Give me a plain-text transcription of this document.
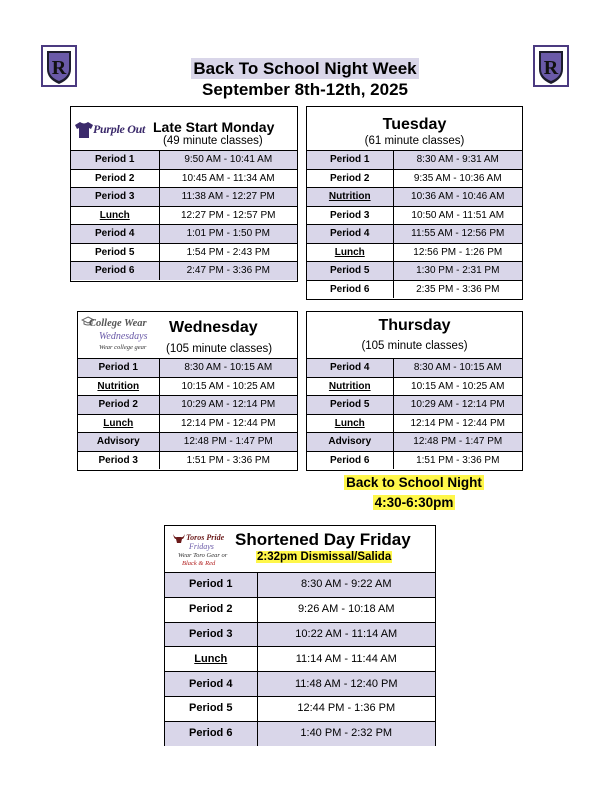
R	R
Back To School Night Week
September 8th-12th, 2025
Purple Out Late Start Monday
(49 minute classes)
Period 1	9:50 AM - 10:41 AM
Period 2	10:45 AM - 11:34 AM
Period 3	11:38 AM - 12:27 PM
Lunch	12:27 PM - 12:57 PM
Period 4	1:01 PM - 1:50 PM
Period 5	1:54 PM - 2:43 PM
Period 6	2:47 PM - 3:36 PM
Tuesday
(61 minute classes)
Period 1	8:30 AM - 9:31 AM
Period 2	9:35 AM - 10:36 AM
Nutrition	10:36 AM - 10:46 AM
Period 3	10:50 AM - 11:51 AM
Period 4	11:55 AM - 12:56 PM
Lunch	12:56 PM - 1:26 PM
Period 5	1:30 PM - 2:31 PM
Period 6	2:35 PM - 3:36 PM
College Wear
Wednesdays
Wear college gear
Wednesday
(105 minute classes)
Period 1	8:30 AM - 10:15 AM
Nutrition	10:15 AM - 10:25 AM
Period 2	10:29 AM - 12:14 PM
Lunch	12:14 PM - 12:44 PM
Advisory	12:48 PM - 1:47 PM
Period 3	1:51 PM - 3:36 PM
Thursday
(105 minute classes)
Period 4	8:30 AM - 10:15 AM
Nutrition	10:15 AM - 10:25 AM
Period 5	10:29 AM - 12:14 PM
Lunch	12:14 PM - 12:44 PM
Advisory	12:48 PM - 1:47 PM
Period 6	1:51 PM - 3:36 PM
Back to School Night
4:30-6:30pm
Toros Pride
Fridays
Wear Toro Gear or
Black & Red
Shortened Day Friday
2:32pm Dismissal/Salida
Period 1	8:30 AM - 9:22 AM
Period 2	9:26 AM - 10:18 AM
Period 3	10:22 AM - 11:14 AM
Lunch	11:14 AM - 11:44 AM
Period 4	11:48 AM - 12:40 PM
Period 5	12:44 PM - 1:36 PM
Period 6	1:40 PM - 2:32 PM
